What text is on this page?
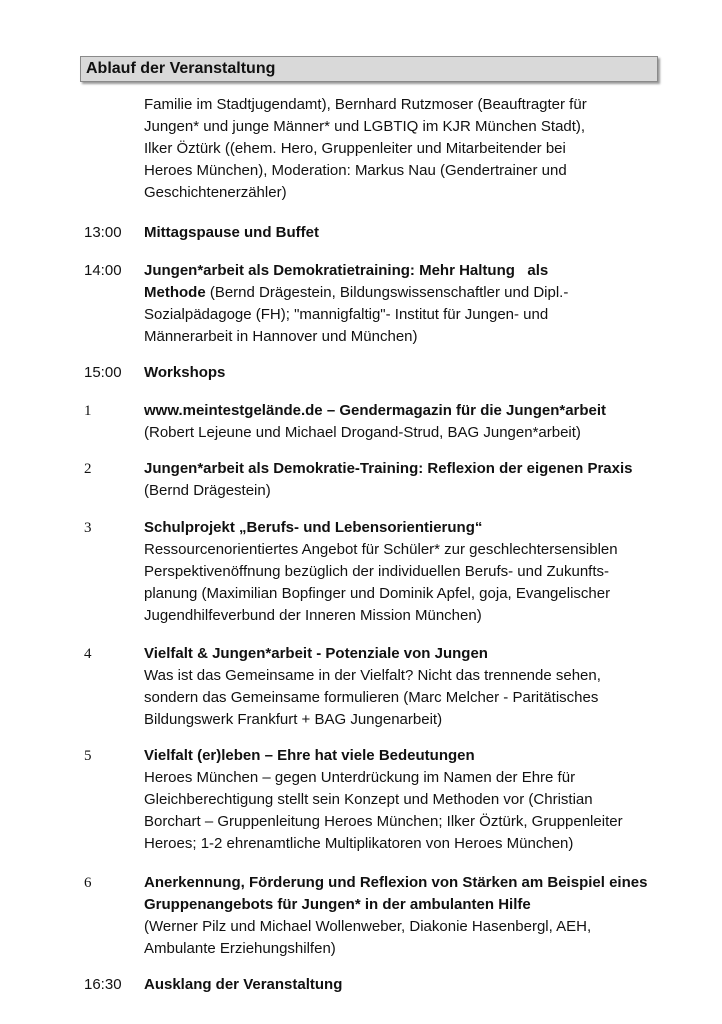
Ablauf der Veranstaltung
Familie im Stadtjugendamt), Bernhard Rutzmoser (Beauftragter für
Jungen* und junge Männer* und LGBTIQ im KJR München Stadt),
Ilker Öztürk ((ehem. Hero, Gruppenleiter und Mitarbeitender bei
Heroes München), Moderation: Markus Nau (Gendertrainer und
Geschichtenerzähler)
13:00	Mittagspause und Buffet
14:00	Jungen*arbeit als Demokratietraining: Mehr Haltung   als
Methode (Bernd Drägestein, Bildungswissenschaftler und Dipl.-
Sozialpädagoge (FH); "mannigfaltig"- Institut für Jungen- und
Männerarbeit in Hannover und München)
15:00	Workshops
1	www.meintestgelände.de – Gendermagazin für die Jungen*arbeit
(Robert Lejeune und Michael Drogand-Strud, BAG Jungen*arbeit)
2	Jungen*arbeit als Demokratie-Training: Reflexion der eigenen Praxis
(Bernd Drägestein)
3	Schulprojekt „Berufs- und Lebensorientierung“
Ressourcenorientiertes Angebot für Schüler* zur geschlechtersensiblen
Perspektivenöffnung bezüglich der individuellen Berufs- und Zukunfts-
planung (Maximilian Bopfinger und Dominik Apfel, goja, Evangelischer
Jugendhilfeverbund der Inneren Mission München)
4	Vielfalt & Jungen*arbeit - Potenziale von Jungen
Was ist das Gemeinsame in der Vielfalt? Nicht das trennende sehen,
sondern das Gemeinsame formulieren (Marc Melcher - Paritätisches
Bildungswerk Frankfurt + BAG Jungenarbeit)
5	Vielfalt (er)leben – Ehre hat viele Bedeutungen
Heroes München – gegen Unterdrückung im Namen der Ehre für
Gleichberechtigung stellt sein Konzept und Methoden vor (Christian
Borchart – Gruppenleitung Heroes München; Ilker Öztürk, Gruppenleiter
Heroes; 1-2 ehrenamtliche Multiplikatoren von Heroes München)
6	Anerkennung, Förderung und Reflexion von Stärken am Beispiel eines
Gruppenangebots für Jungen* in der ambulanten Hilfe
(Werner Pilz und Michael Wollenweber, Diakonie Hasenbergl, AEH,
Ambulante Erziehungshilfen)
16:30	Ausklang der Veranstaltung
